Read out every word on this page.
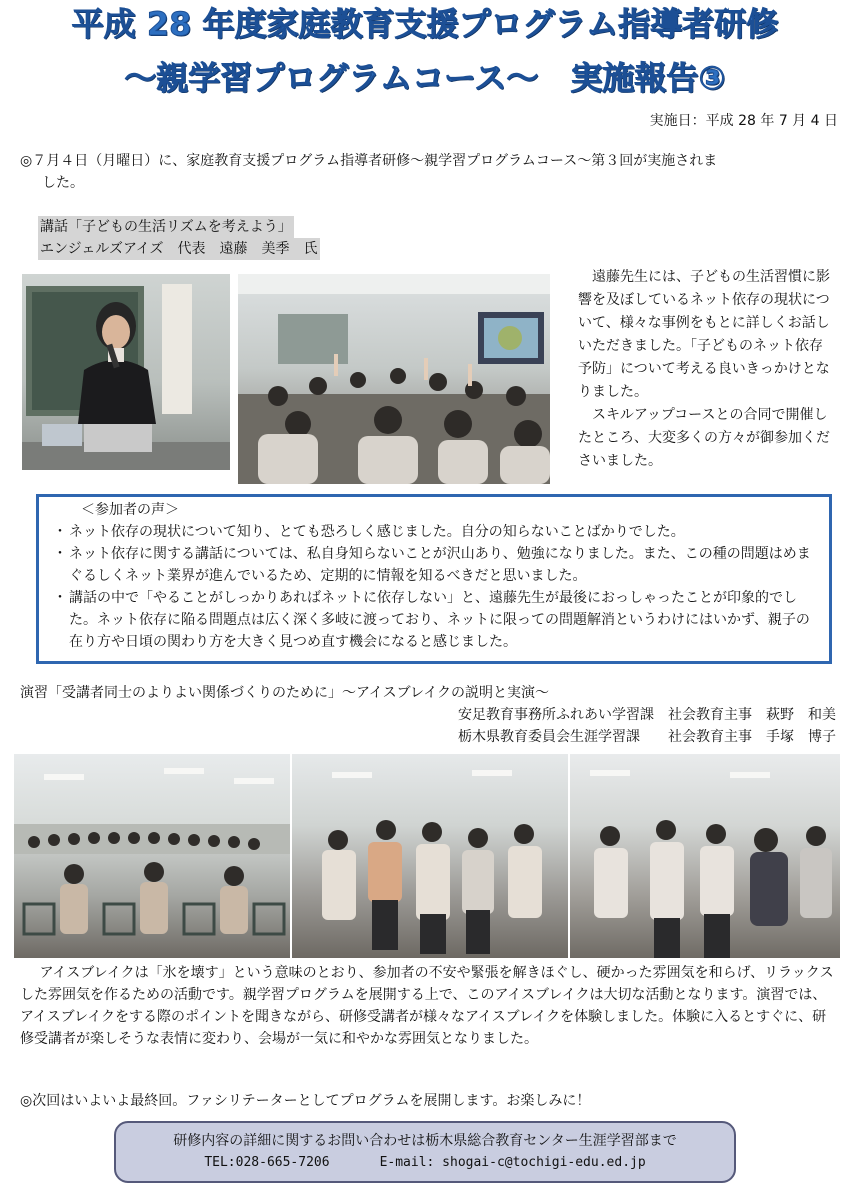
平成 28 年度家庭教育支援プログラム指導者研修
～親学習プログラムコース～　実施報告③
実施日：平成 28 年 7 月 4 日
◎７月４日（月曜日）に、家庭教育支援プログラム指導者研修～親学習プログラムコース～第３回が実施されま
した。
講話「子どもの生活リズムを考えよう」
エンジェルズアイズ　代表　遠藤　美季　氏
遠藤先生には、子どもの生活習慣に影響を及ぼしているネット依存の現状について、様々な事例をもとに詳しくお話しいただきました。「子どものネット依存予防」について考える良いきっかけとなりました。
スキルアップコースとの合同で開催したところ、大変多くの方々が御参加くださいました。
＜参加者の声＞
・ ネット依存の現状について知り、とても恐ろしく感じました。自分の知らないことばかりでした。
・ ネット依存に関する講話については、私自身知らないことが沢山あり、勉強になりました。また、この種の問題はめまぐるしくネット業界が進んでいるため、定期的に情報を知るべきだと思いました。
・ 講話の中で「やることがしっかりあればネットに依存しない」と、遠藤先生が最後におっしゃったことが印象的でした。ネット依存に陥る問題点は広く深く多岐に渡っており、ネットに限っての問題解消というわけにはいかず、親子の在り方や日頃の関わり方を大きく見つめ直す機会になると感じました。
演習「受講者同士のよりよい関係づくりのために」～アイスブレイクの説明と実演～
安足教育事務所ふれあい学習課　社会教育主事　萩野　和美
栃木県教育委員会生涯学習課　　社会教育主事　手塚　博子
アイスブレイクは「氷を壊す」という意味のとおり、参加者の不安や緊張を解きほぐし、硬かった雰囲気を和らげ、リラックスした雰囲気を作るための活動です。親学習プログラムを展開する上で、このアイスブレイクは大切な活動となります。演習では、アイスブレイクをする際のポイントを聞きながら、研修受講者が様々なアイスブレイクを体験しました。体験に入るとすぐに、研修受講者が楽しそうな表情に変わり、会場が一気に和やかな雰囲気となりました。
◎次回はいよいよ最終回。ファシリテーターとしてプログラムを展開します。お楽しみに！
研修内容の詳細に関するお問い合わせは栃木県総合教育センター生涯学習部まで
TEL:028-665-7206	E-mail: shogai-c@tochigi-edu.ed.jp
